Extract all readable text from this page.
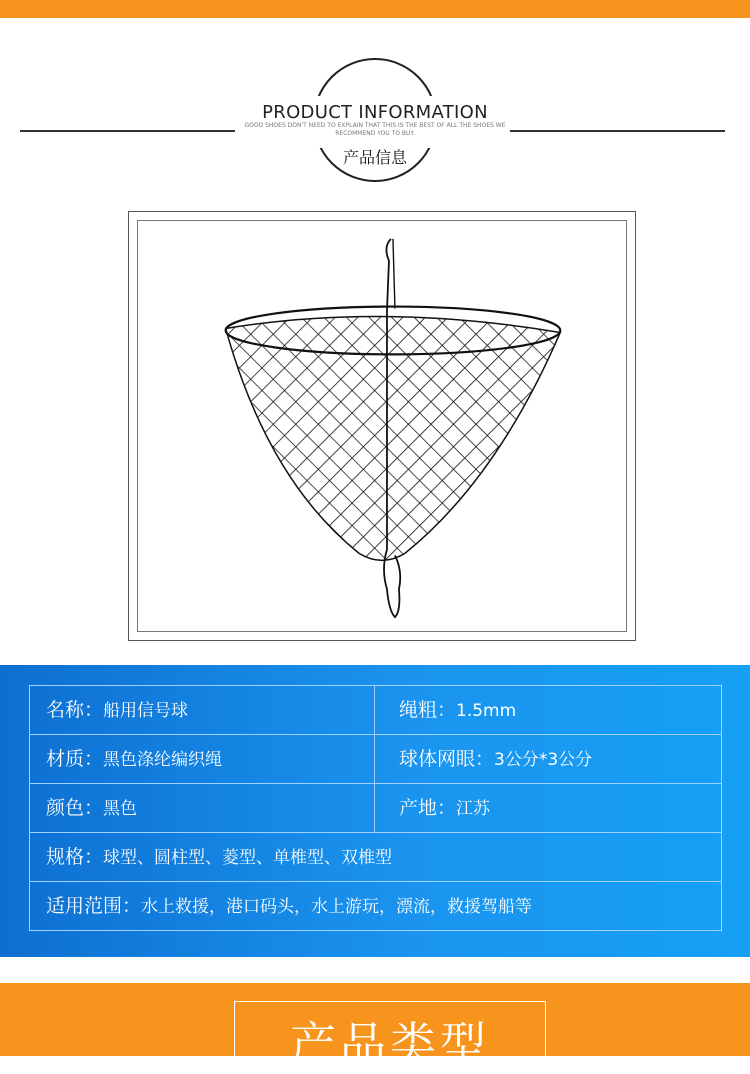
PRODUCT INFORMATION
GOOD SHOES DON'T NEED TO EXPLAIN THAT THIS IS THE BEST OF ALL THE SHOES WE RECOMMEND YOU TO BUY.
产品信息
名称：船用信号球	绳粗：1.5mm
材质：黑色涤纶编织绳	球体网眼：3公分*3公分
颜色：黑色	产地：江苏
规格：球型、圆柱型、菱型、单椎型、双椎型
适用范围：水上救援，港口码头，水上游玩，漂流，救援驾船等
产品类型
